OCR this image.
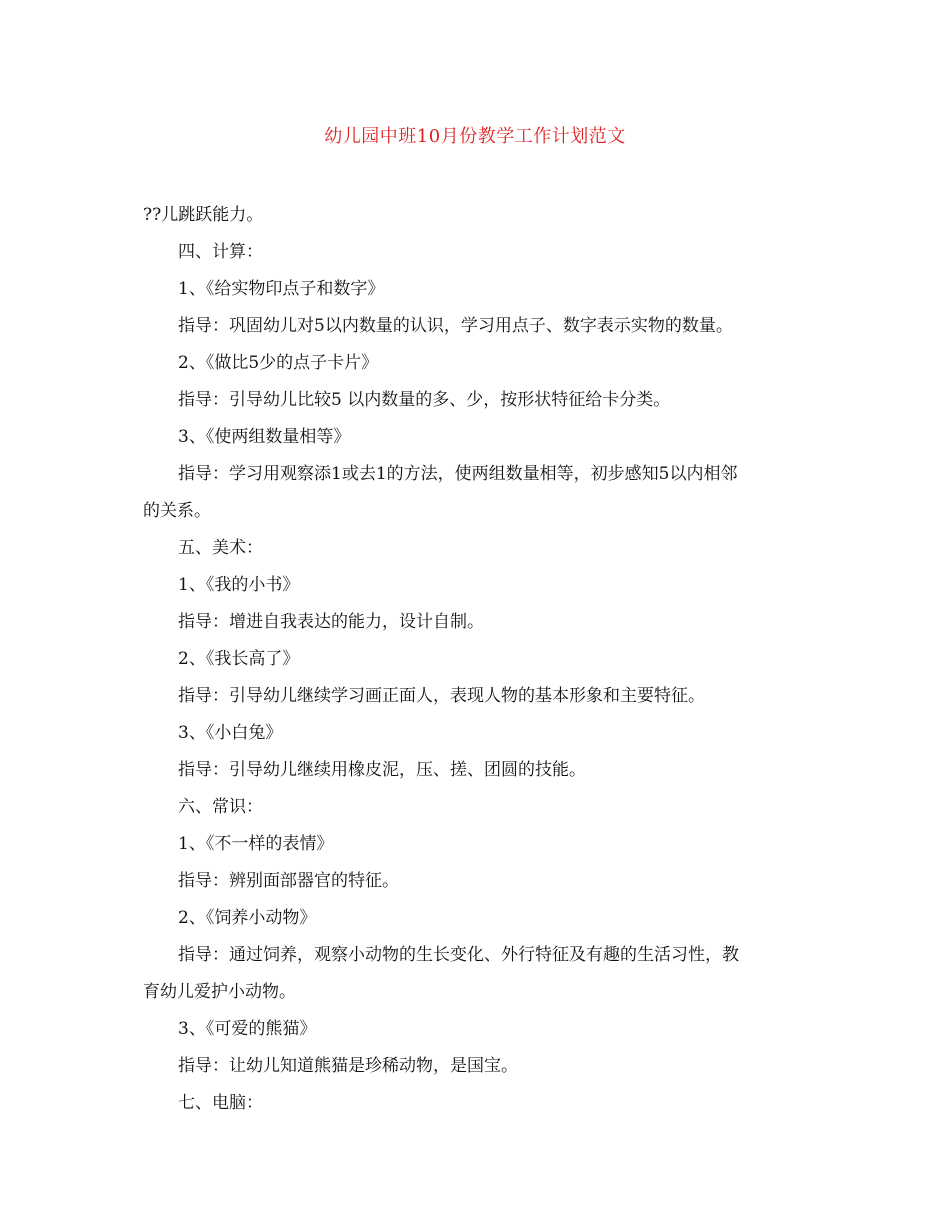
幼儿园中班10月份教学工作计划范文
??儿跳跃能力。
四、计算：
1、《给实物印点子和数字》
指导：巩固幼儿对5以内数量的认识，学习用点子、数字表示实物的数量。
2、《做比5少的点子卡片》
指导：引导幼儿比较5 以内数量的多、少，按形状特征给卡分类。
3、《使两组数量相等》
指导：学习用观察添1或去1的方法，使两组数量相等，初步感知5以内相邻
的关系。
五、美术：
1、《我的小书》
指导：增进自我表达的能力，设计自制。
2、《我长高了》
指导：引导幼儿继续学习画正面人，表现人物的基本形象和主要特征。
3、《小白兔》
指导：引导幼儿继续用橡皮泥，压、搓、团圆的技能。
六、常识：
1、《不一样的表情》
指导：辨别面部器官的特征。
2、《饲养小动物》
指导：通过饲养，观察小动物的生长变化、外行特征及有趣的生活习性，教
育幼儿爱护小动物。
3、《可爱的熊猫》
指导：让幼儿知道熊猫是珍稀动物，是国宝。
七、电脑：
